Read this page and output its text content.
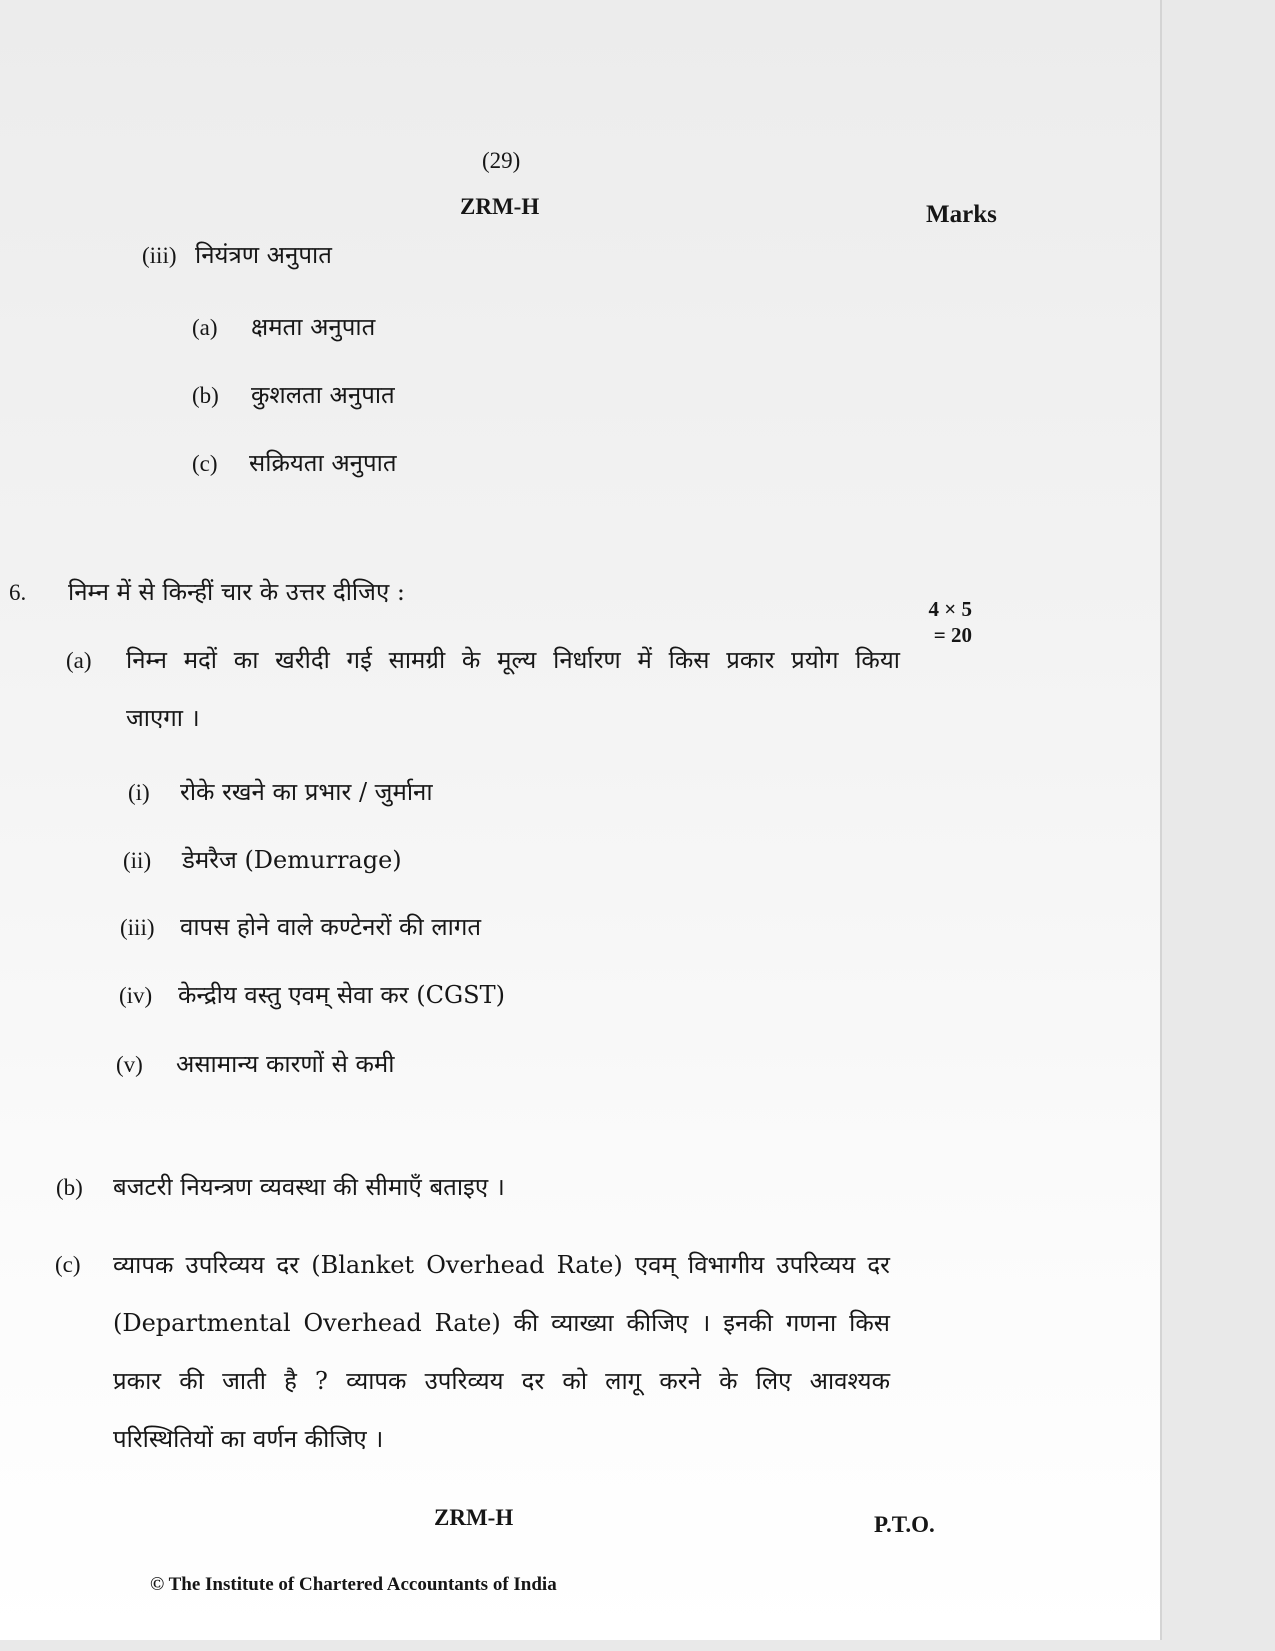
(29)
ZRM-H	Marks
(iii) नियंत्रण अनुपात
(a) क्षमता अनुपात
(b) कुशलता अनुपात
(c) सक्रियता अनुपात
6. निम्न में से किन्हीं चार के उत्तर दीजिए :
4 × 5
= 20
(a) निम्न मदों का खरीदी गई सामग्री के मूल्य निर्धारण में किस प्रकार प्रयोग किया
जाएगा ।
(i) रोके रखने का प्रभार / जुर्माना
(ii) डेमरैज (Demurrage)
(iii) वापस होने वाले कण्टेनरों की लागत
(iv) केन्द्रीय वस्तु एवम् सेवा कर (CGST)
(v) असामान्य कारणों से कमी
(b) बजटरी नियन्त्रण व्यवस्था की सीमाएँ बताइए ।
(c) व्यापक उपरिव्यय दर (Blanket Overhead Rate) एवम् विभागीय उपरिव्यय दर
(Departmental Overhead Rate) की व्याख्या कीजिए । इनकी गणना किस
प्रकार की जाती है ? व्यापक उपरिव्यय दर को लागू करने के लिए आवश्यक
परिस्थितियों का वर्णन कीजिए ।
ZRM-H	P.T.O.
© The Institute of Chartered Accountants of India
